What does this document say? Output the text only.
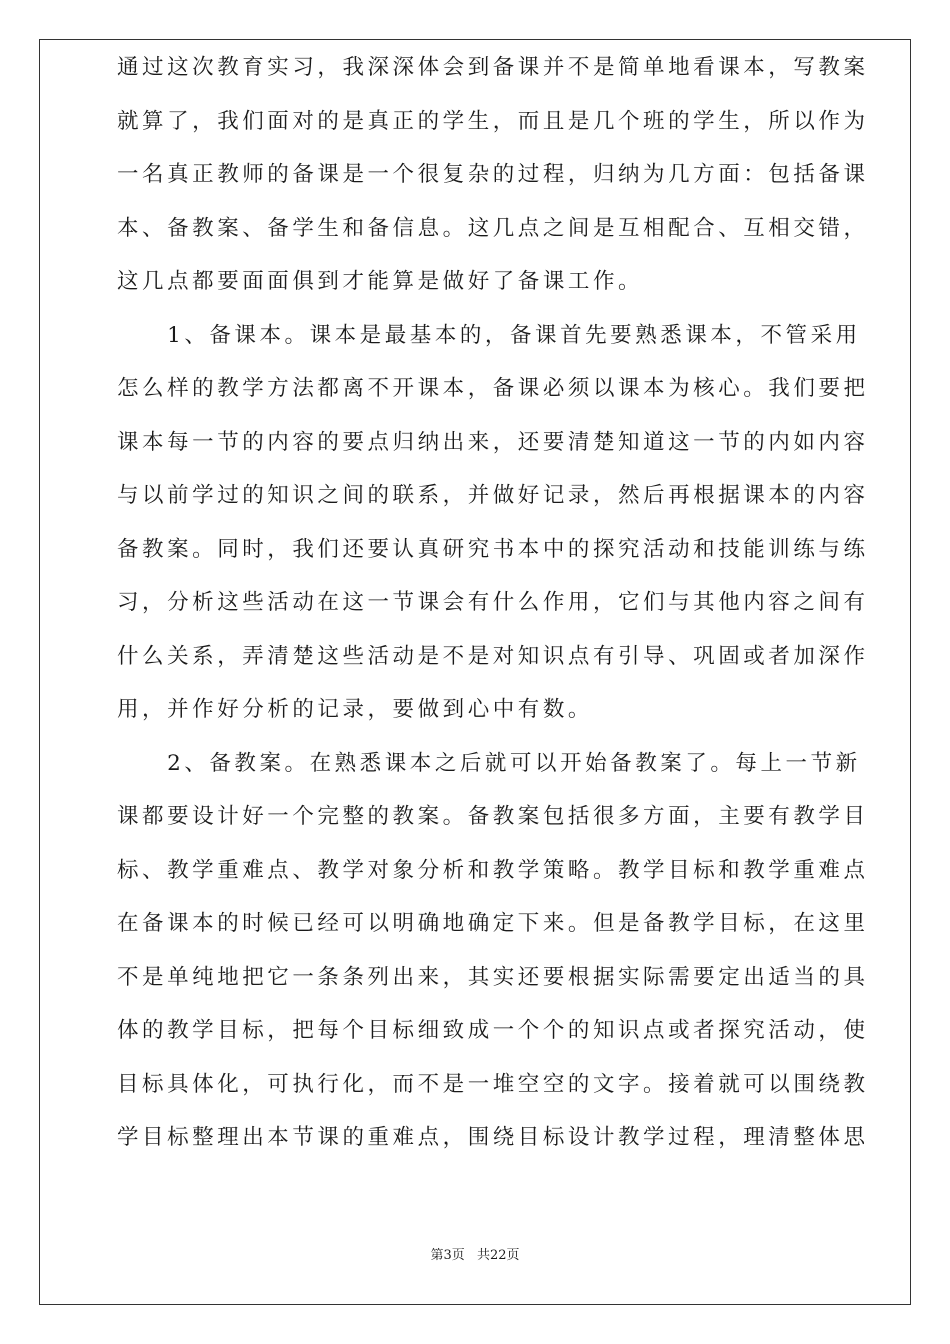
通过这次教育实习，我深深体会到备课并不是简单地看课本，写教案
就算了，我们面对的是真正的学生，而且是几个班的学生，所以作为
一名真正教师的备课是一个很复杂的过程，归纳为几方面：包括备课
本、备教案、备学生和备信息。这几点之间是互相配合、互相交错，
这几点都要面面俱到才能算是做好了备课工作。
　　1、备课本。课本是最基本的，备课首先要熟悉课本，不管采用
怎么样的教学方法都离不开课本，备课必须以课本为核心。我们要把
课本每一节的内容的要点归纳出来，还要清楚知道这一节的内如内容
与以前学过的知识之间的联系，并做好记录，然后再根据课本的内容
备教案。同时，我们还要认真研究书本中的探究活动和技能训练与练
习，分析这些活动在这一节课会有什么作用，它们与其他内容之间有
什么关系，弄清楚这些活动是不是对知识点有引导、巩固或者加深作
用，并作好分析的记录，要做到心中有数。
　　2、备教案。在熟悉课本之后就可以开始备教案了。每上一节新
课都要设计好一个完整的教案。备教案包括很多方面，主要有教学目
标、教学重难点、教学对象分析和教学策略。教学目标和教学重难点
在备课本的时候已经可以明确地确定下来。但是备教学目标，在这里
不是单纯地把它一条条列出来，其实还要根据实际需要定出适当的具
体的教学目标，把每个目标细致成一个个的知识点或者探究活动，使
目标具体化，可执行化，而不是一堆空空的文字。接着就可以围绕教
学目标整理出本节课的重难点，围绕目标设计教学过程，理清整体思
第3页 共22页
